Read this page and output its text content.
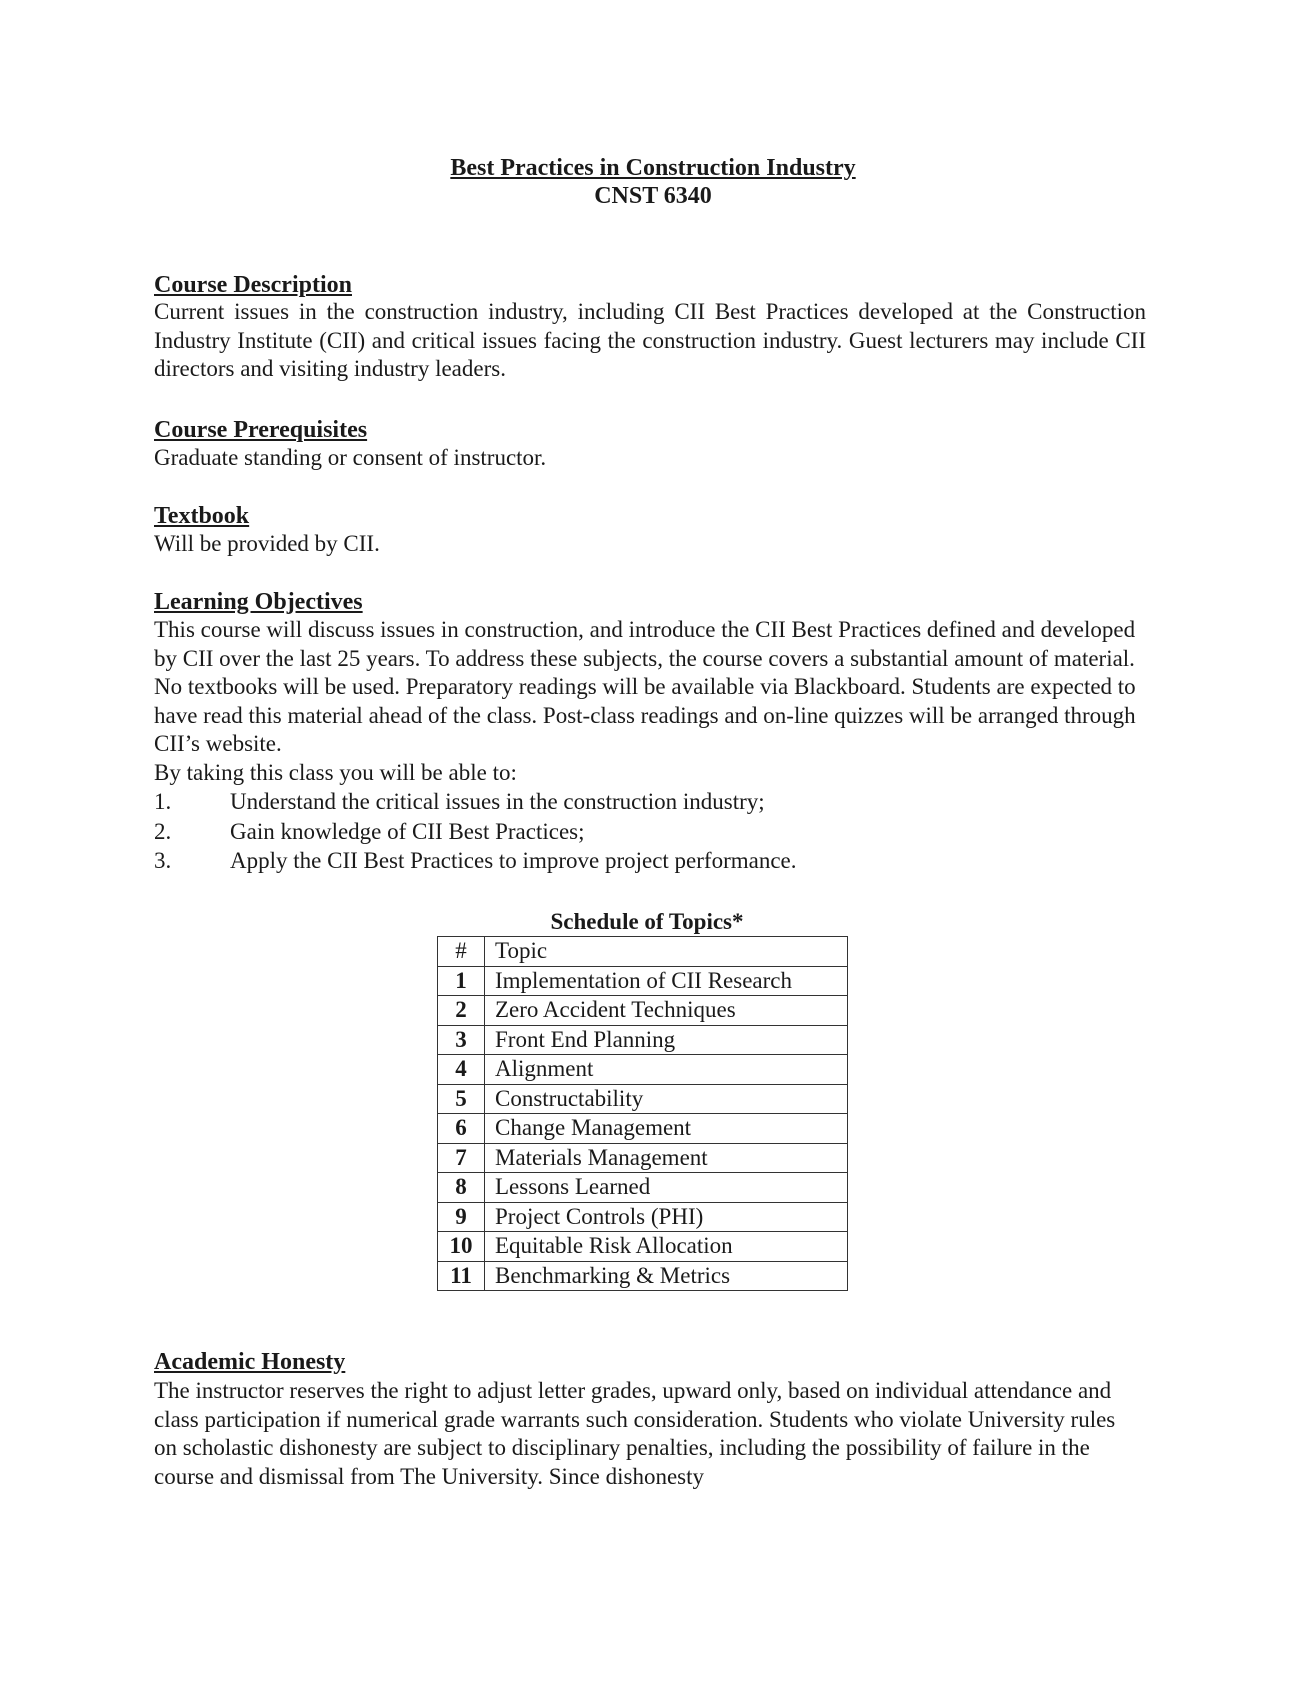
Best Practices in Construction Industry
CNST 6340
Course Description

Current issues in the construction industry, including CII Best Practices developed at the Construction Industry Institute (CII) and critical issues facing the construction industry. Guest lecturers may include CII directors and visiting industry leaders.

Course Prerequisites

Graduate standing or consent of instructor.

Textbook

Will be provided by CII.

Learning Objectives

This course will discuss issues in construction, and introduce the CII Best Practices defined and developed by CII over the last 25 years. To address these subjects, the course covers a substantial amount of material. No textbooks will be used. Preparatory readings will be available via Blackboard. Students are expected to have read this material ahead of the class. Post-class readings and on-line quizzes will be arranged through CII’s website.

By taking this class you will be able to:

1.	Understand the critical issues in the construction industry;
2.	Gain knowledge of CII Best Practices;
3.	Apply the CII Best Practices to improve project performance.
Schedule of Topics*
#	Topic
1	Implementation of CII Research
2	Zero Accident Techniques
3	Front End Planning
4	Alignment
5	Constructability
6	Change Management
7	Materials Management
8	Lessons Learned
9	Project Controls (PHI)
10	Equitable Risk Allocation
11	Benchmarking & Metrics
Academic Honesty

The instructor reserves the right to adjust letter grades, upward only, based on individual attendance and class participation if numerical grade warrants such consideration. Students who violate University rules on scholastic dishonesty are subject to disciplinary penalties, including the possibility of failure in the course and dismissal from The University. Since dishonesty
